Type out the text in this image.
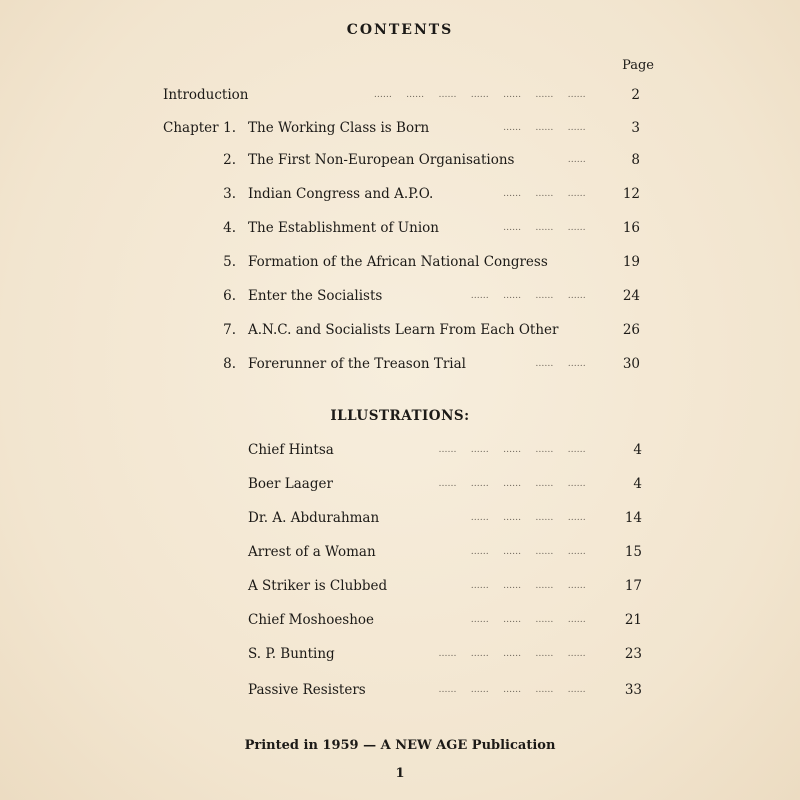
CONTENTS
Page
Introduction	……     ……     ……     ……     ……     ……     ……	2
Chapter 1. The Working Class is Born	……     ……     ……	3
2. The First Non-European Organisations	……	8
3. Indian Congress and A.P.O.	……     ……     ……	12
4. The Establishment of Union	……     ……     ……	16
5. Formation of the African National Congress	19
6. Enter the Socialists	……     ……     ……     ……	24
7. A.N.C. and Socialists Learn From Each Other	26
8. Forerunner of the Treason Trial	……     ……	30
ILLUSTRATIONS:
Chief Hintsa	……     ……     ……     ……     ……	4
Boer Laager	……     ……     ……     ……     ……	4
Dr. A. Abdurahman	……     ……     ……     ……	14
Arrest of a Woman	……     ……     ……     ……	15
A Striker is Clubbed	……     ……     ……     ……	17
Chief Moshoeshoe	……     ……     ……     ……	21
S. P. Bunting	……     ……     ……     ……     ……	23
Passive Resisters	……     ……     ……     ……     ……	33
Printed in 1959 — A NEW AGE Publication
1
